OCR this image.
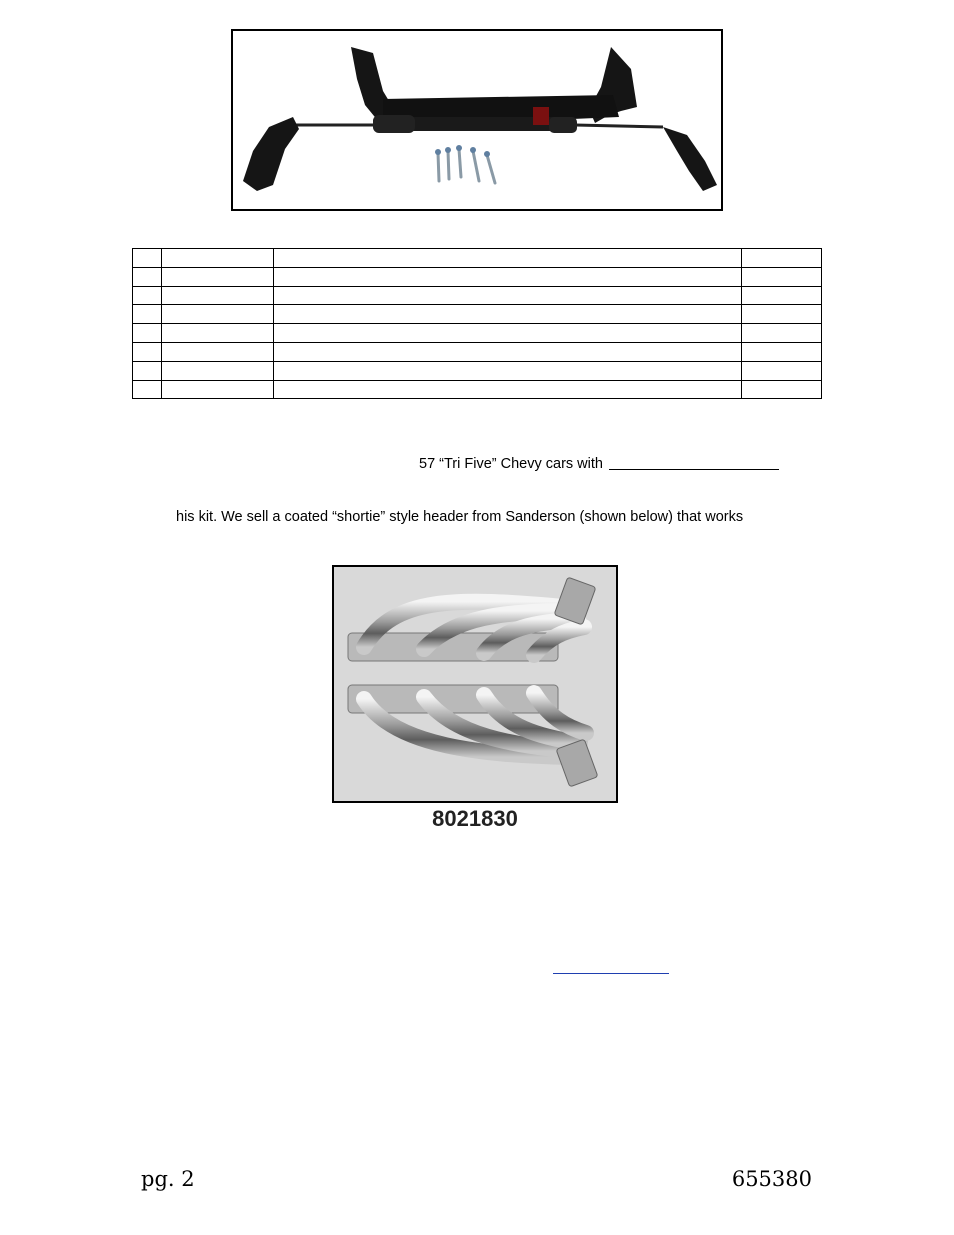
57 “Tri Five” Chevy cars with
his kit. We sell a coated “shortie” style header from Sanderson (shown below) that works
8021830
pg. 2	655380
